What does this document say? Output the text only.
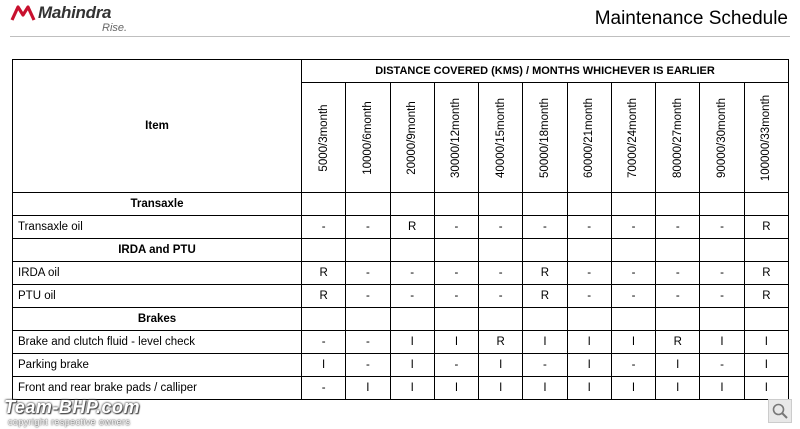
Mahindra
Rise.	Maintenance Schedule
Item	DISTANCE COVERED (KMS) / MONTHS WHICHEVER IS EARLIER										

	5000/3month	10000/6month	20000/9month	30000/12month	40000/15month	50000/18month	60000/21month	70000/24month	80000/27month	90000/30month	100000/33month

Transaxle											
Transaxle oil	-	-	R	-	-	-	-	-	-	-	R
IRDA and PTU											
IRDA oil	R	-	-	-	-	R	-	-	-	-	R
PTU oil	R	-	-	-	-	R	-	-	-	-	R
Brakes											
Brake and clutch fluid - level check	-	-	I	I	R	I	I	I	R	I	I
Parking brake	I	-	I	-	I	-	I	-	I	-	I
Front and rear brake pads / calliper	-	I	I	I	I	I	I	I	I	I	I
Team-BHP.com
copyright respective owners
